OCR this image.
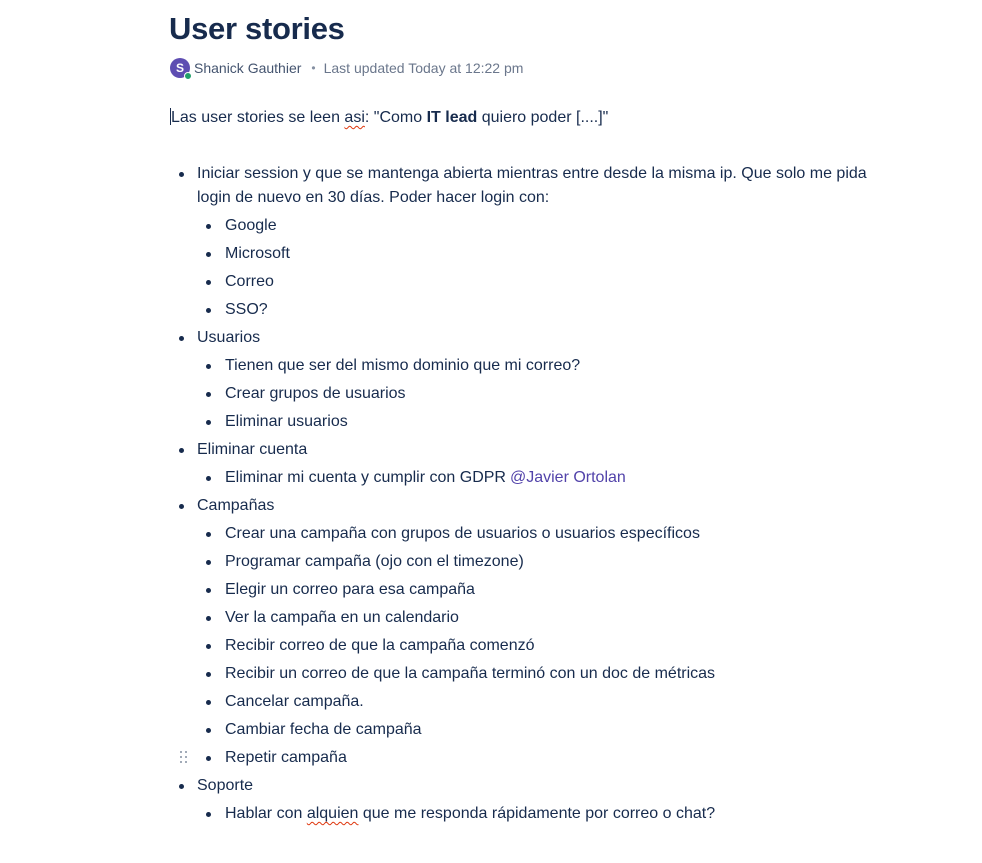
User stories
S Shanick Gauthier • Last updated Today at 12:22 pm

Las user stories se leen asi: "Como IT lead quiero poder [....]"

Iniciar session y que se mantenga abierta mientras entre desde la misma ip. Que solo me pida login de nuevo en 30 días. Poder hacer login con:
Google
Microsoft
Correo
SSO?
Usuarios
Tienen que ser del mismo dominio que mi correo?
Crear grupos de usuarios
Eliminar usuarios
Eliminar cuenta
Eliminar mi cuenta y cumplir con GDPR @Javier Ortolan
Campañas
Crear una campaña con grupos de usuarios o usuarios específicos
Programar campaña (ojo con el timezone)
Elegir un correo para esa campaña
Ver la campaña en un calendario
Recibir correo de que la campaña comenzó
Recibir un correo de que la campaña terminó con un doc de métricas
Cancelar campaña.
Cambiar fecha de campaña
Repetir campaña
Soporte
Hablar con alquien que me responda rápidamente por correo o chat?
